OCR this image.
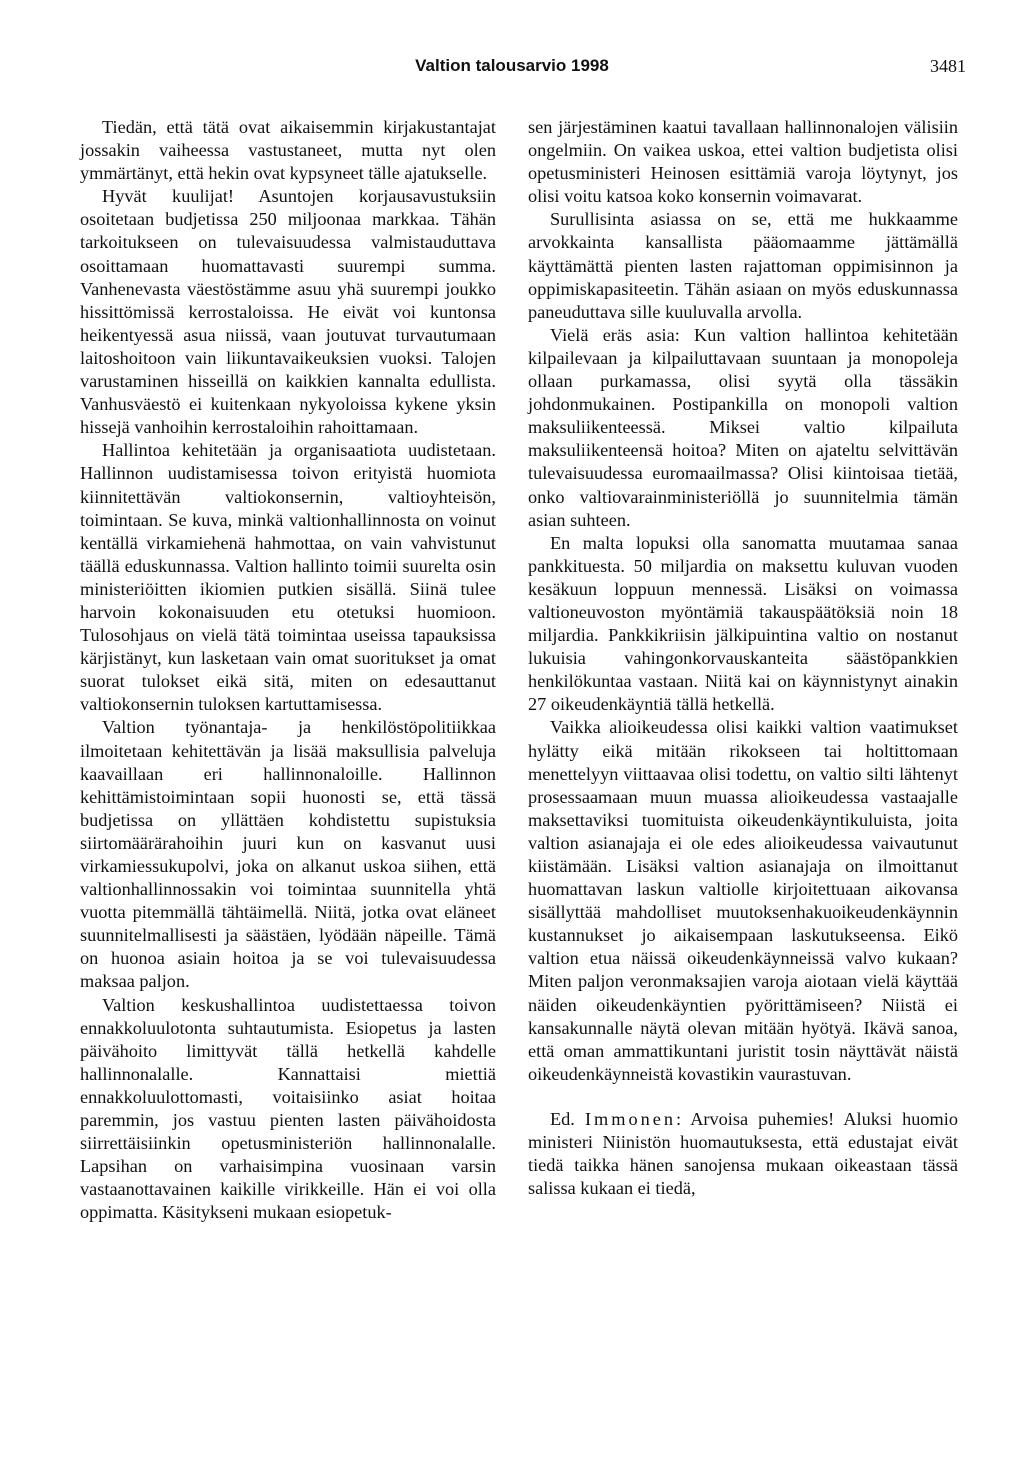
Valtion talousarvio 1998	3481

Tiedän, että tätä ovat aikaisemmin kirjakustantajat jossakin vaiheessa vastustaneet, mutta nyt olen ymmärtänyt, että hekin ovat kypsyneet tälle ajatukselle.

Hyvät kuulijat! Asuntojen korjausavustuksiin osoitetaan budjetissa 250 miljoonaa markkaa. Tähän tarkoitukseen on tulevaisuudessa valmistauduttava osoittamaan huomattavasti suurempi summa. Vanhenevasta väestöstämme asuu yhä suurempi joukko hissittömissä kerrostaloissa. He eivät voi kuntonsa heikentyessä asua niissä, vaan joutuvat turvautumaan laitoshoitoon vain liikuntavaikeuksien vuoksi. Talojen varustaminen hisseillä on kaikkien kannalta edullista. Vanhusväestö ei kuitenkaan nykyoloissa kykene yksin hissejä vanhoihin kerrostaloihin rahoittamaan.

Hallintoa kehitetään ja organisaatiota uudistetaan. Hallinnon uudistamisessa toivon erityistä huomiota kiinnitettävän valtiokonsernin, valtioyhteisön, toimintaan. Se kuva, minkä valtionhallinnosta on voinut kentällä virkamiehenä hahmottaa, on vain vahvistunut täällä eduskunnassa. Valtion hallinto toimii suurelta osin ministeriöitten ikiomien putkien sisällä. Siinä tulee harvoin kokonaisuuden etu otetuksi huomioon. Tulosohjaus on vielä tätä toimintaa useissa tapauksissa kärjistänyt, kun lasketaan vain omat suoritukset ja omat suorat tulokset eikä sitä, miten on edesauttanut valtiokonsernin tuloksen kartuttamisessa.

Valtion työnantaja- ja henkilöstöpolitiikkaa ilmoitetaan kehitettävän ja lisää maksullisia palveluja kaavaillaan eri hallinnonaloille. Hallinnon kehittämistoimintaan sopii huonosti se, että tässä budjetissa on yllättäen kohdistettu supistuksia siirtomäärärahoihin juuri kun on kasvanut uusi virkamiessukupolvi, joka on alkanut uskoa siihen, että valtionhallinnossakin voi toimintaa suunnitella yhtä vuotta pitemmällä tähtäimellä. Niitä, jotka ovat eläneet suunnitelmallisesti ja säästäen, lyödään näpeille. Tämä on huonoa asiain hoitoa ja se voi tulevaisuudessa maksaa paljon.

Valtion keskushallintoa uudistettaessa toivon ennakkoluulotonta suhtautumista. Esiopetus ja lasten päivähoito limittyvät tällä hetkellä kahdelle hallinnonalalle. Kannattaisi miettiä ennakkoluulottomasti, voitaisiinko asiat hoitaa paremmin, jos vastuu pienten lasten päivähoidosta siirrettäisiinkin opetusministeriön hallinnonalalle. Lapsihan on varhaisimpina vuosinaan varsin vastaanottavainen kaikille virikkeille. Hän ei voi olla oppimatta. Käsitykseni mukaan esiopetuk-

sen järjestäminen kaatui tavallaan hallinnonalojen välisiin ongelmiin. On vaikea uskoa, ettei valtion budjetista olisi opetusministeri Heinosen esittämiä varoja löytynyt, jos olisi voitu katsoa koko konsernin voimavarat.

Surullisinta asiassa on se, että me hukkaamme arvokkainta kansallista pääomaamme jättämällä käyttämättä pienten lasten rajattoman oppimisinnon ja oppimiskapasiteetin. Tähän asiaan on myös eduskunnassa paneuduttava sille kuuluvalla arvolla.

Vielä eräs asia: Kun valtion hallintoa kehitetään kilpailevaan ja kilpailuttavaan suuntaan ja monopoleja ollaan purkamassa, olisi syytä olla tässäkin johdonmukainen. Postipankilla on monopoli valtion maksuliikenteessä. Miksei valtio kilpailuta maksuliikenteensä hoitoa? Miten on ajateltu selvittävän tulevaisuudessa euromaailmassa? Olisi kiintoisaa tietää, onko valtiovarainministeriöllä jo suunnitelmia tämän asian suhteen.

En malta lopuksi olla sanomatta muutamaa sanaa pankkituesta. 50 miljardia on maksettu kuluvan vuoden kesäkuun loppuun mennessä. Lisäksi on voimassa valtioneuvoston myöntämiä takauspäätöksiä noin 18 miljardia. Pankkikriisin jälkipuintina valtio on nostanut lukuisia vahingonkorvauskanteita säästöpankkien henkilökuntaa vastaan. Niitä kai on käynnistynyt ainakin 27 oikeudenkäyntiä tällä hetkellä.

Vaikka alioikeudessa olisi kaikki valtion vaatimukset hylätty eikä mitään rikokseen tai holtittomaan menettelyyn viittaavaa olisi todettu, on valtio silti lähtenyt prosessaamaan muun muassa alioikeudessa vastaajalle maksettaviksi tuomituista oikeudenkäyntikuluista, joita valtion asianajaja ei ole edes alioikeudessa vaivautunut kiistämään. Lisäksi valtion asianajaja on ilmoittanut huomattavan laskun valtiolle kirjoitettuaan aikovansa sisällyttää mahdolliset muutoksenhakuoikeudenkäynnin kustannukset jo aikaisempaan laskutukseensa. Eikö valtion etua näissä oikeudenkäynneissä valvo kukaan? Miten paljon veronmaksajien varoja aiotaan vielä käyttää näiden oikeudenkäyntien pyörittämiseen? Niistä ei kansakunnalle näytä olevan mitään hyötyä. Ikävä sanoa, että oman ammattikuntani juristit tosin näyttävät näistä oikeudenkäynneistä kovastikin vaurastuvan.

Ed. Immonen: Arvoisa puhemies! Aluksi huomio ministeri Niinistön huomautuksesta, että edustajat eivät tiedä taikka hänen sanojensa mukaan oikeastaan tässä salissa kukaan ei tiedä,
